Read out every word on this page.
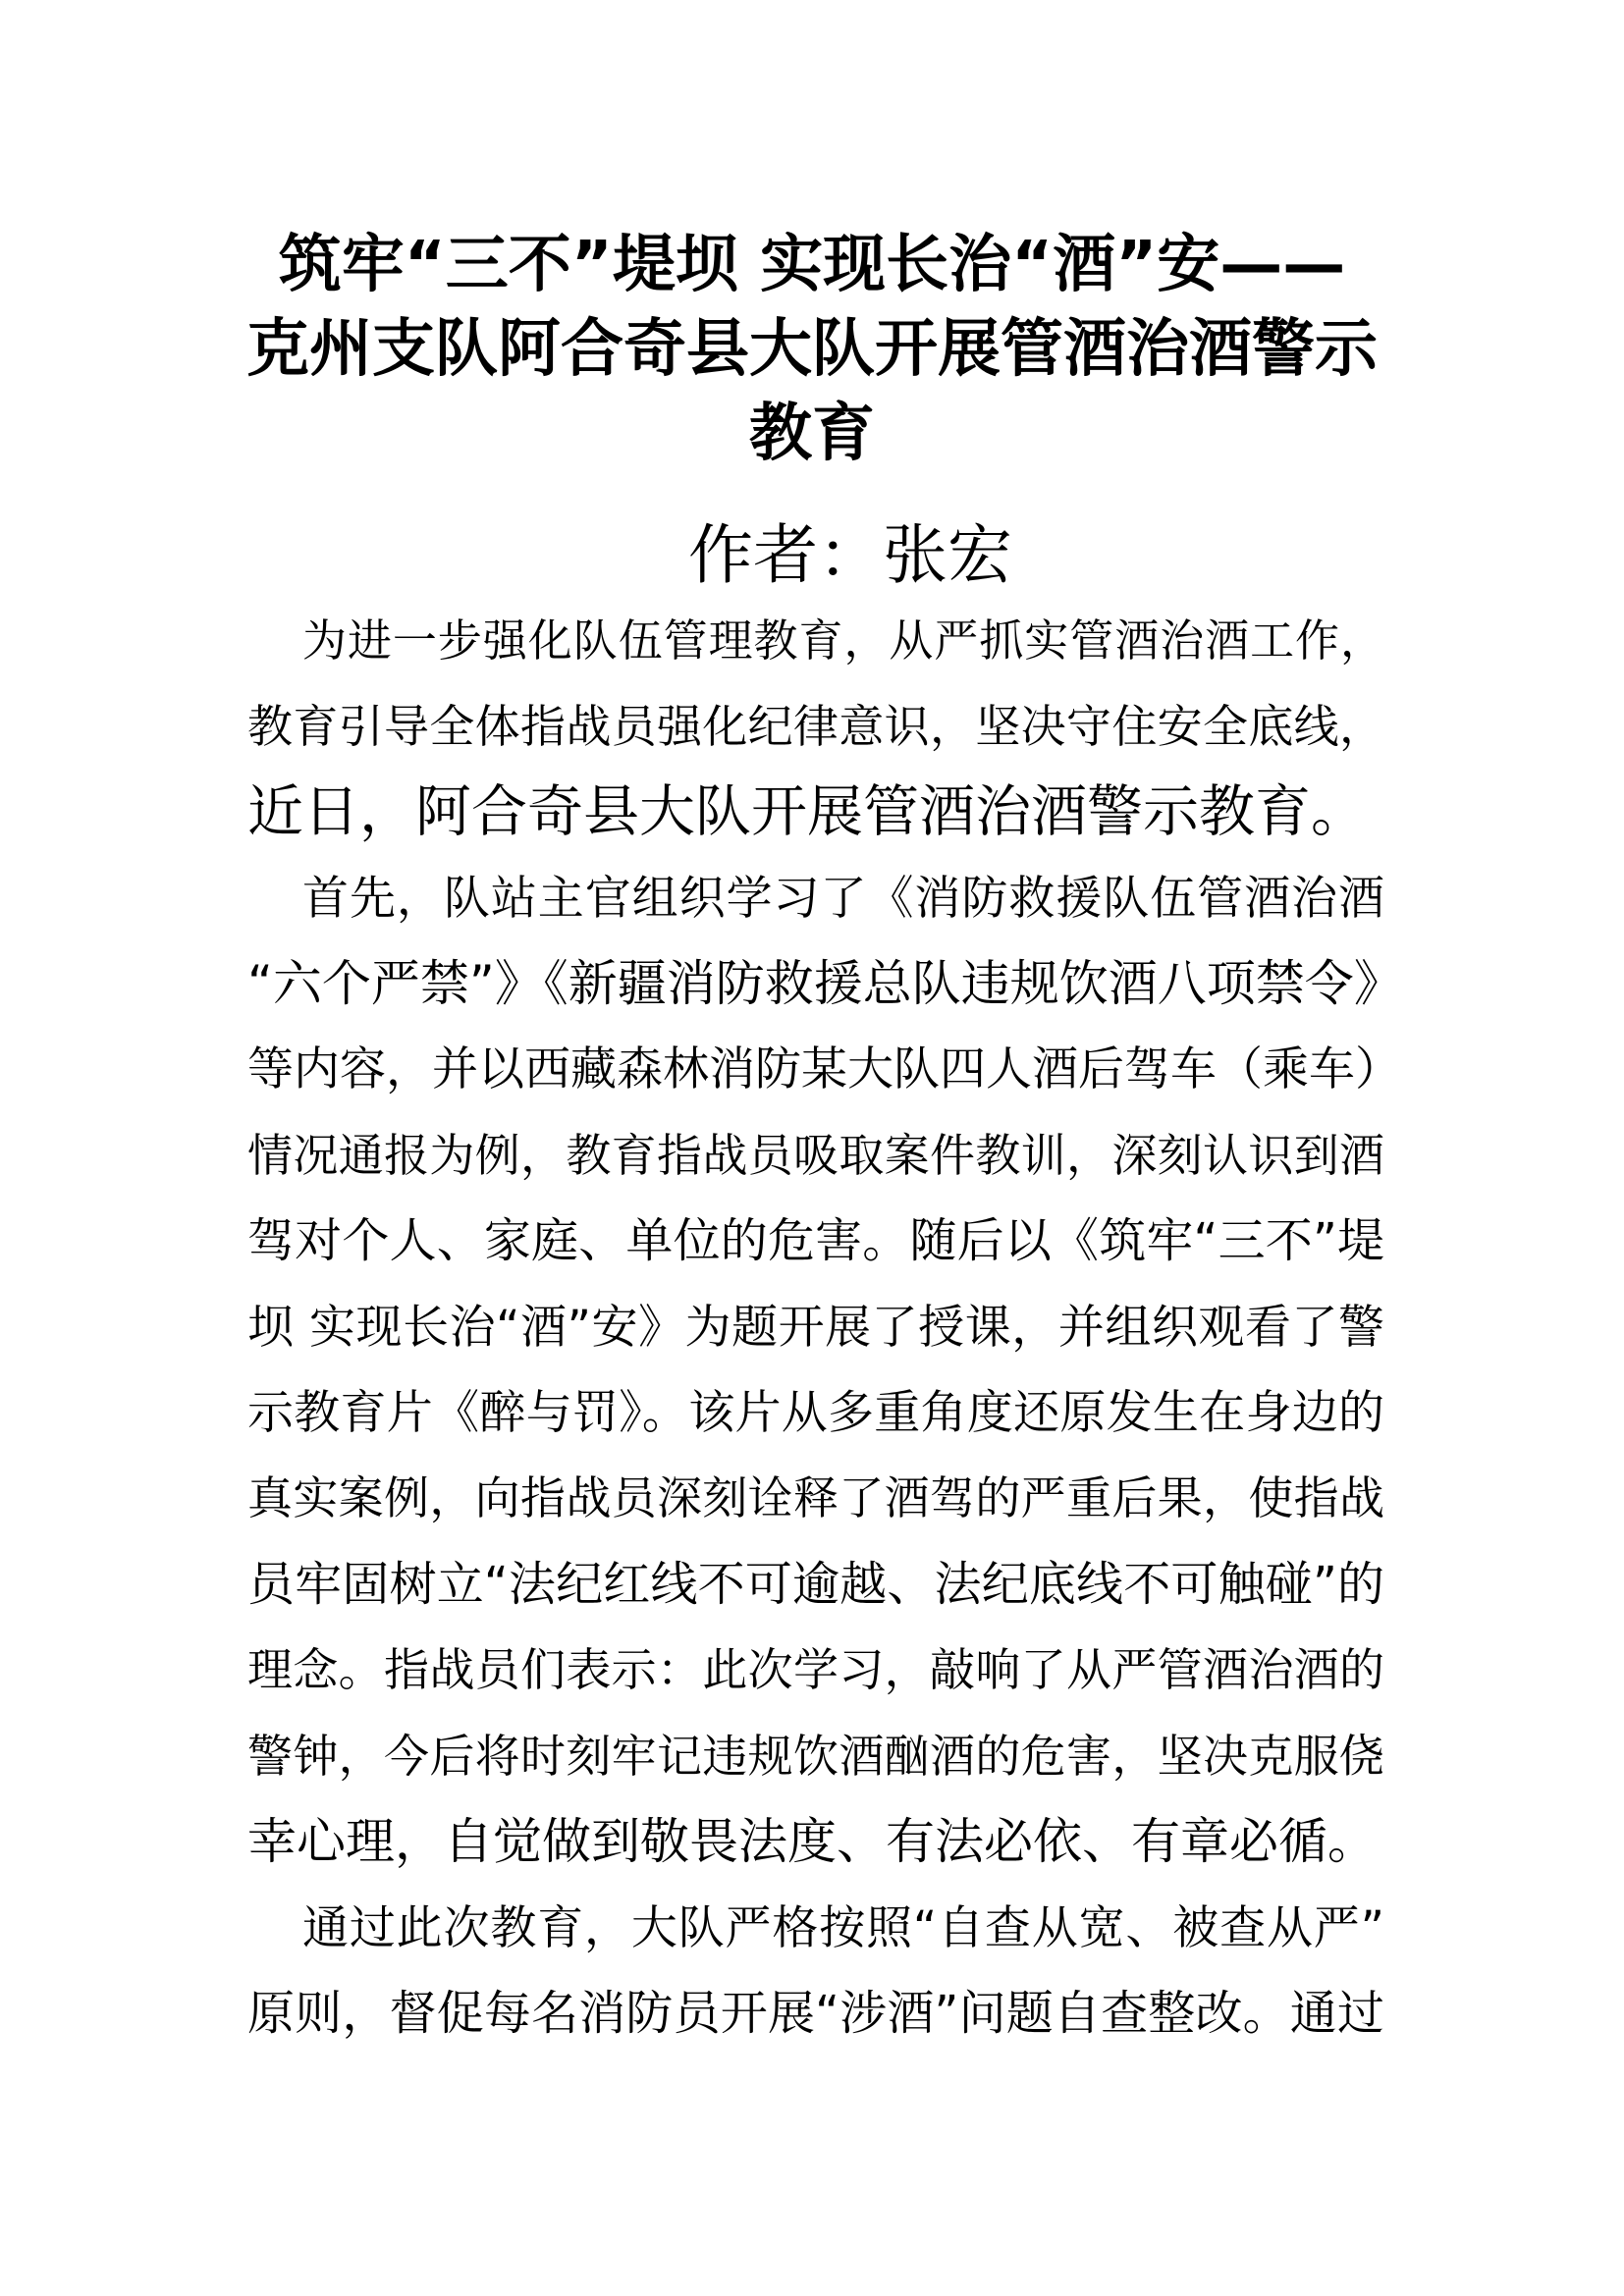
筑牢“三不”堤坝 实现长治“酒”安——
克州支队阿合奇县大队开展管酒治酒警示
教育
作者：张宏
为进一步强化队伍管理教育，从严抓实管酒治酒工作，
教育引导全体指战员强化纪律意识，坚决守住安全底线，
近日，阿合奇县大队开展管酒治酒警示教育。
首先，队站主官组织学习了《消防救援队伍管酒治酒
“六个严禁”》《新疆消防救援总队违规饮酒八项禁令》
等内容，并以西藏森林消防某大队四人酒后驾车（乘车）
情况通报为例，教育指战员吸取案件教训，深刻认识到酒
驾对个人、家庭、单位的危害。随后以《筑牢“三不”堤
坝 实现长治“酒”安》为题开展了授课，并组织观看了警
示教育片《醉与罚》。该片从多重角度还原发生在身边的
真实案例，向指战员深刻诠释了酒驾的严重后果，使指战
员牢固树立“法纪红线不可逾越、法纪底线不可触碰”的
理念。指战员们表示：此次学习，敲响了从严管酒治酒的
警钟，今后将时刻牢记违规饮酒酗酒的危害，坚决克服侥
幸心理，自觉做到敬畏法度、有法必依、有章必循。
通过此次教育，大队严格按照“自查从宽、被查从严”
原则，督促每名消防员开展“涉酒”问题自查整改。通过
